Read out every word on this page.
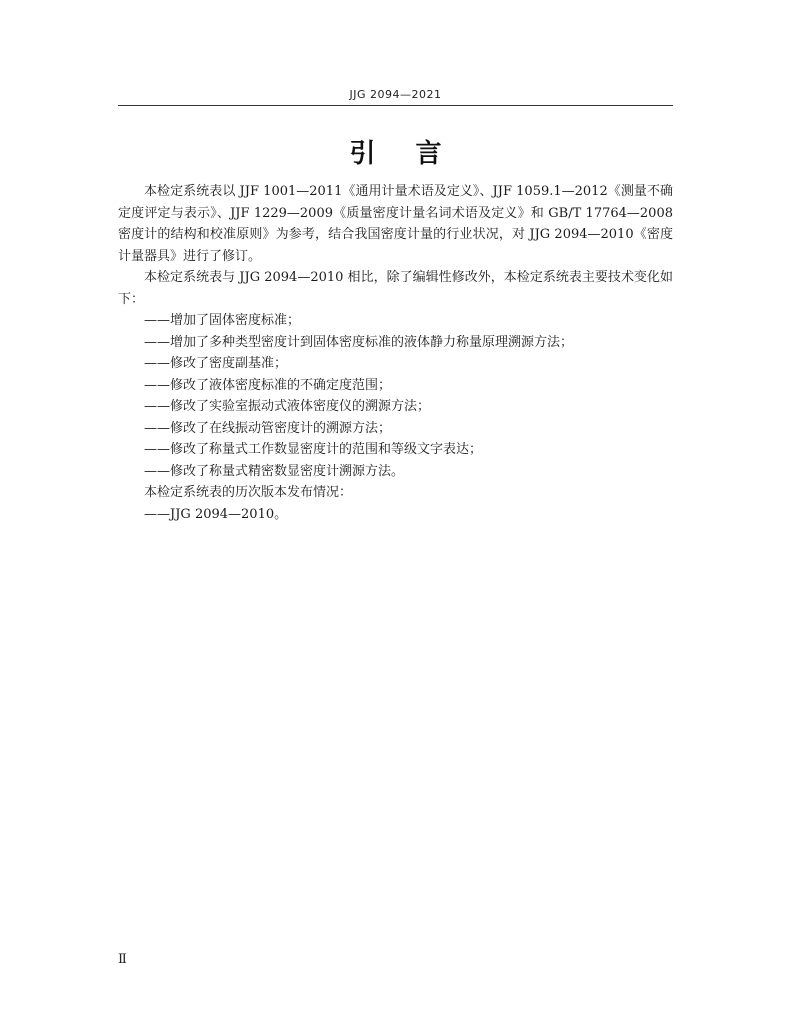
JJG 2094—2021
引言

本检定系统表以 JJF 1001—2011《通用计量术语及定义》、JJF 1059.1—2012《测量不确定度评定与表示》、JJF 1229—2009《质量密度计量名词术语及定义》和 GB/T 17764—2008 密度计的结构和校准原则》为参考，结合我国密度计量的行业状况，对 JJG 2094—2010《密度计量器具》进行了修订。

本检定系统表与 JJG 2094—2010 相比，除了编辑性修改外，本检定系统表主要技术变化如下：

——增加了固体密度标准；

——增加了多种类型密度计到固体密度标准的液体静力称量原理溯源方法；

——修改了密度副基准；

——修改了液体密度标准的不确定度范围；

——修改了实验室振动式液体密度仪的溯源方法；

——修改了在线振动管密度计的溯源方法；

——修改了称量式工作数显密度计的范围和等级文字表达；

——修改了称量式精密数显密度计溯源方法。

本检定系统表的历次版本发布情况：

——JJG 2094—2010。

Ⅱ
